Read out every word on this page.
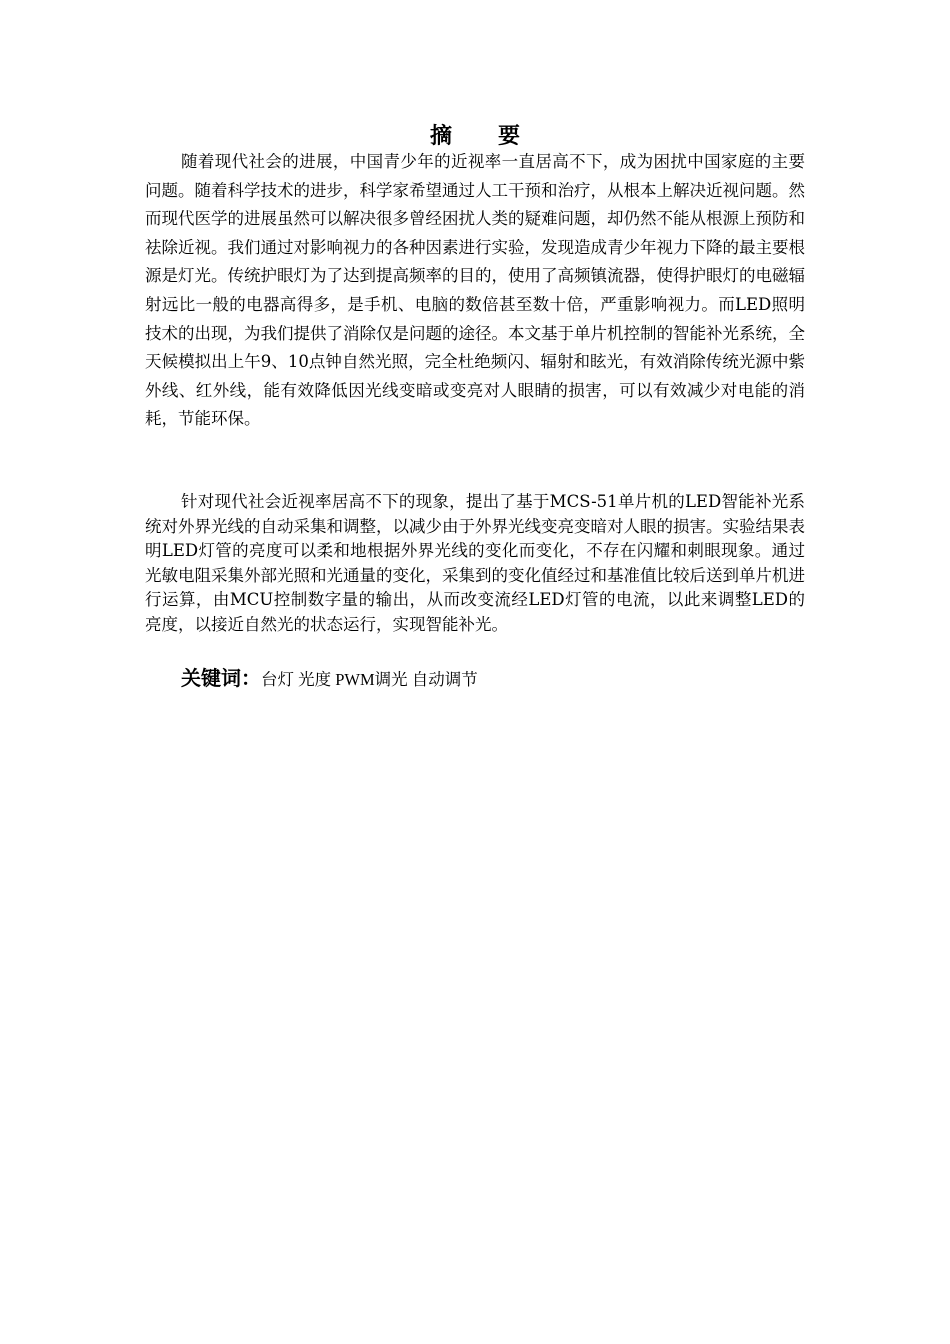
摘要

随着现代社会的进展，中国青少年的近视率一直居高不下，成为困扰中国家庭的主要问题。随着科学技术的进步，科学家希望通过人工干预和治疗，从根本上解决近视问题。然而现代医学的进展虽然可以解决很多曾经困扰人类的疑难问题，却仍然不能从根源上预防和祛除近视。我们通过对影响视力的各种因素进行实验，发现造成青少年视力下降的最主要根源是灯光。传统护眼灯为了达到提高频率的目的，使用了高频镇流器，使得护眼灯的电磁辐射远比一般的电器高得多，是手机、电脑的数倍甚至数十倍，严重影响视力。而LED照明技术的出现，为我们提供了消除仅是问题的途径。本文基于单片机控制的智能补光系统，全天候模拟出上午9、10点钟自然光照，完全杜绝频闪、辐射和眩光，有效消除传统光源中紫外线、红外线，能有效降低因光线变暗或变亮对人眼睛的损害，可以有效减少对电能的消耗，节能环保。

针对现代社会近视率居高不下的现象，提出了基于MCS-51单片机的LED智能补光系统对外界光线的自动采集和调整，以减少由于外界光线变亮变暗对人眼的损害。实验结果表明LED灯管的亮度可以柔和地根据外界光线的变化而变化，不存在闪耀和刺眼现象。通过光敏电阻采集外部光照和光通量的变化，采集到的变化值经过和基准值比较后送到单片机进行运算，由MCU控制数字量的输出，从而改变流经LED灯管的电流，以此来调整LED的亮度，以接近自然光的状态运行，实现智能补光。

关键词：台灯 光度 PWM调光 自动调节
